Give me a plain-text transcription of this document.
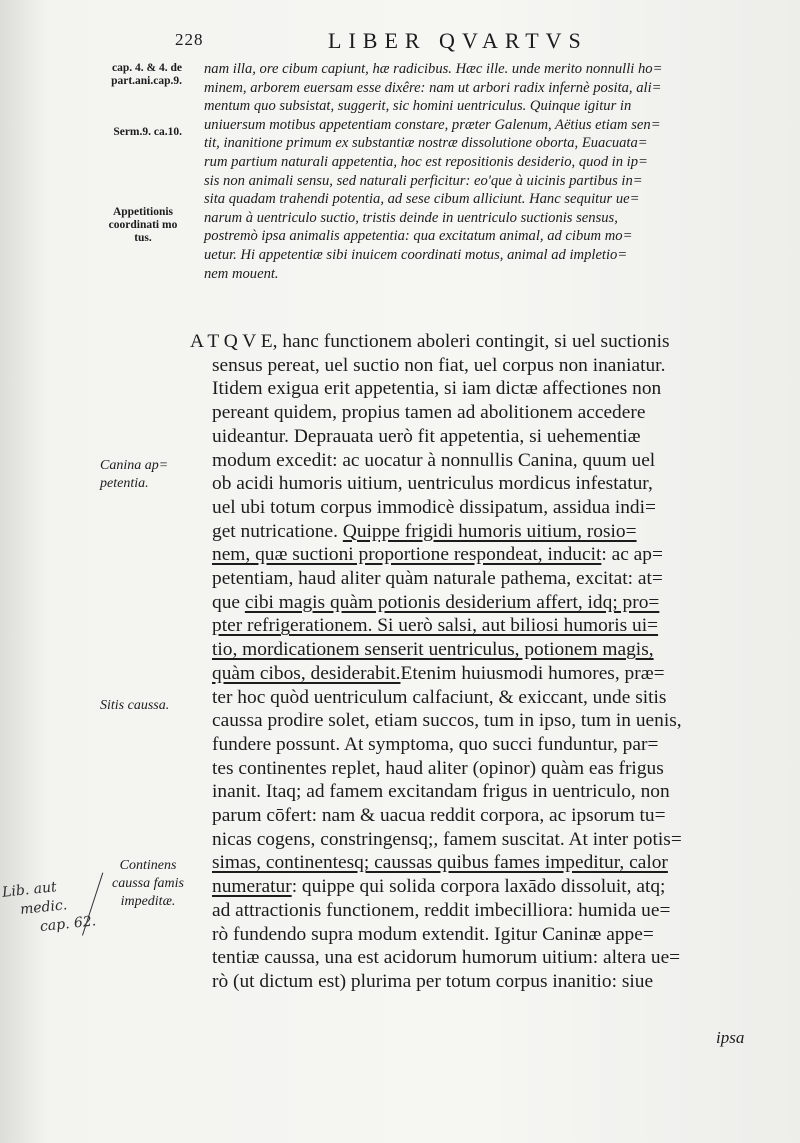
228	LIBER QVARTVS
cap. 4. & 4. de
part.ani.cap.9.
Serm.9. ca.10.
Appetitionis
coordinati mo
tus.
Canina ap=
petentia.
Sitis caussa.
Continens
caussa famis
impeditæ.
Lib. aut
medic.
cap. 62.
nam illa, ore cibum capiunt, hæ radicibus. Hæc ille. unde merito nonnulli ho=
minem, arborem euersam esse dixêre: nam ut arbori radix infernè posita, ali=
mentum quo subsistat, suggerit, sic homini uentriculus. Quinque igitur in
uniuersum motibus appetentiam constare, præter Galenum, Aëtius etiam sen=
tit, inanitione primum ex substantiæ nostræ dissolutione oborta, Euacuata=
rum partium naturali appetentia, hoc est repositionis desiderio, quod in ip=
sis non animali sensu, sed naturali perficitur: eo'que à uicinis partibus in=
sita quadam trahendi potentia, ad sese cibum alliciunt. Hanc sequitur ue=
narum à uentriculo suctio, tristis deinde in uentriculo suctionis sensus,
postremò ipsa animalis appetentia: qua excitatum animal, ad cibum mo=
uetur. Hi appetentiæ sibi inuicem coordinati motus, animal ad impletio=
nem mouent.
A T Q V E, hanc functionem aboleri contingit, si uel suctionis
sensus pereat, uel suctio non fiat, uel corpus non inaniatur.
Itidem exigua erit appetentia, si iam dictæ affectiones non
pereant quidem, propius tamen ad abolitionem accedere
uideantur. Deprauata uerò fit appetentia, si uehementiæ
modum excedit: ac uocatur à nonnullis Canina, quum uel
ob acidi humoris uitium, uentriculus mordicus infestatur,
uel ubi totum corpus immodicè dissipatum, assidua indi=
get nutricatione. Quippe frigidi humoris uitium, rosio=
nem, quæ suctioni proportione respondeat, inducit: ac ap=
petentiam, haud aliter quàm naturale pathema, excitat: at=
que cibi magis quàm potionis desiderium affert, idq; pro=
pter refrigerationem. Si uerò salsi, aut biliosi humoris ui=
tio, mordicationem senserit uentriculus, potionem magis,
quàm cibos, desiderabit.Etenim huiusmodi humores, præ=
ter hoc quòd uentriculum calfaciunt, & exiccant, unde sitis
caussa prodire solet, etiam succos, tum in ipso, tum in uenis,
fundere possunt. At symptoma, quo succi funduntur, par=
tes continentes replet, haud aliter (opinor) quàm eas frigus
inanit. Itaq; ad famem excitandam frigus in uentriculo, non
parum cōfert: nam & uacua reddit corpora, ac ipsorum tu=
nicas cogens, constringensq;, famem suscitat. At inter potis=
simas, continentesq; caussas quibus fames impeditur, calor
numeratur: quippe qui solida corpora laxādo dissoluit, atq;
ad attractionis functionem, reddit imbecilliora: humida ue=
rò fundendo supra modum extendit. Igitur Caninæ appe=
tentiæ caussa, una est acidorum humorum uitium: altera ue=
rò (ut dictum est) plurima per totum corpus inanitio: siue
ipsa
